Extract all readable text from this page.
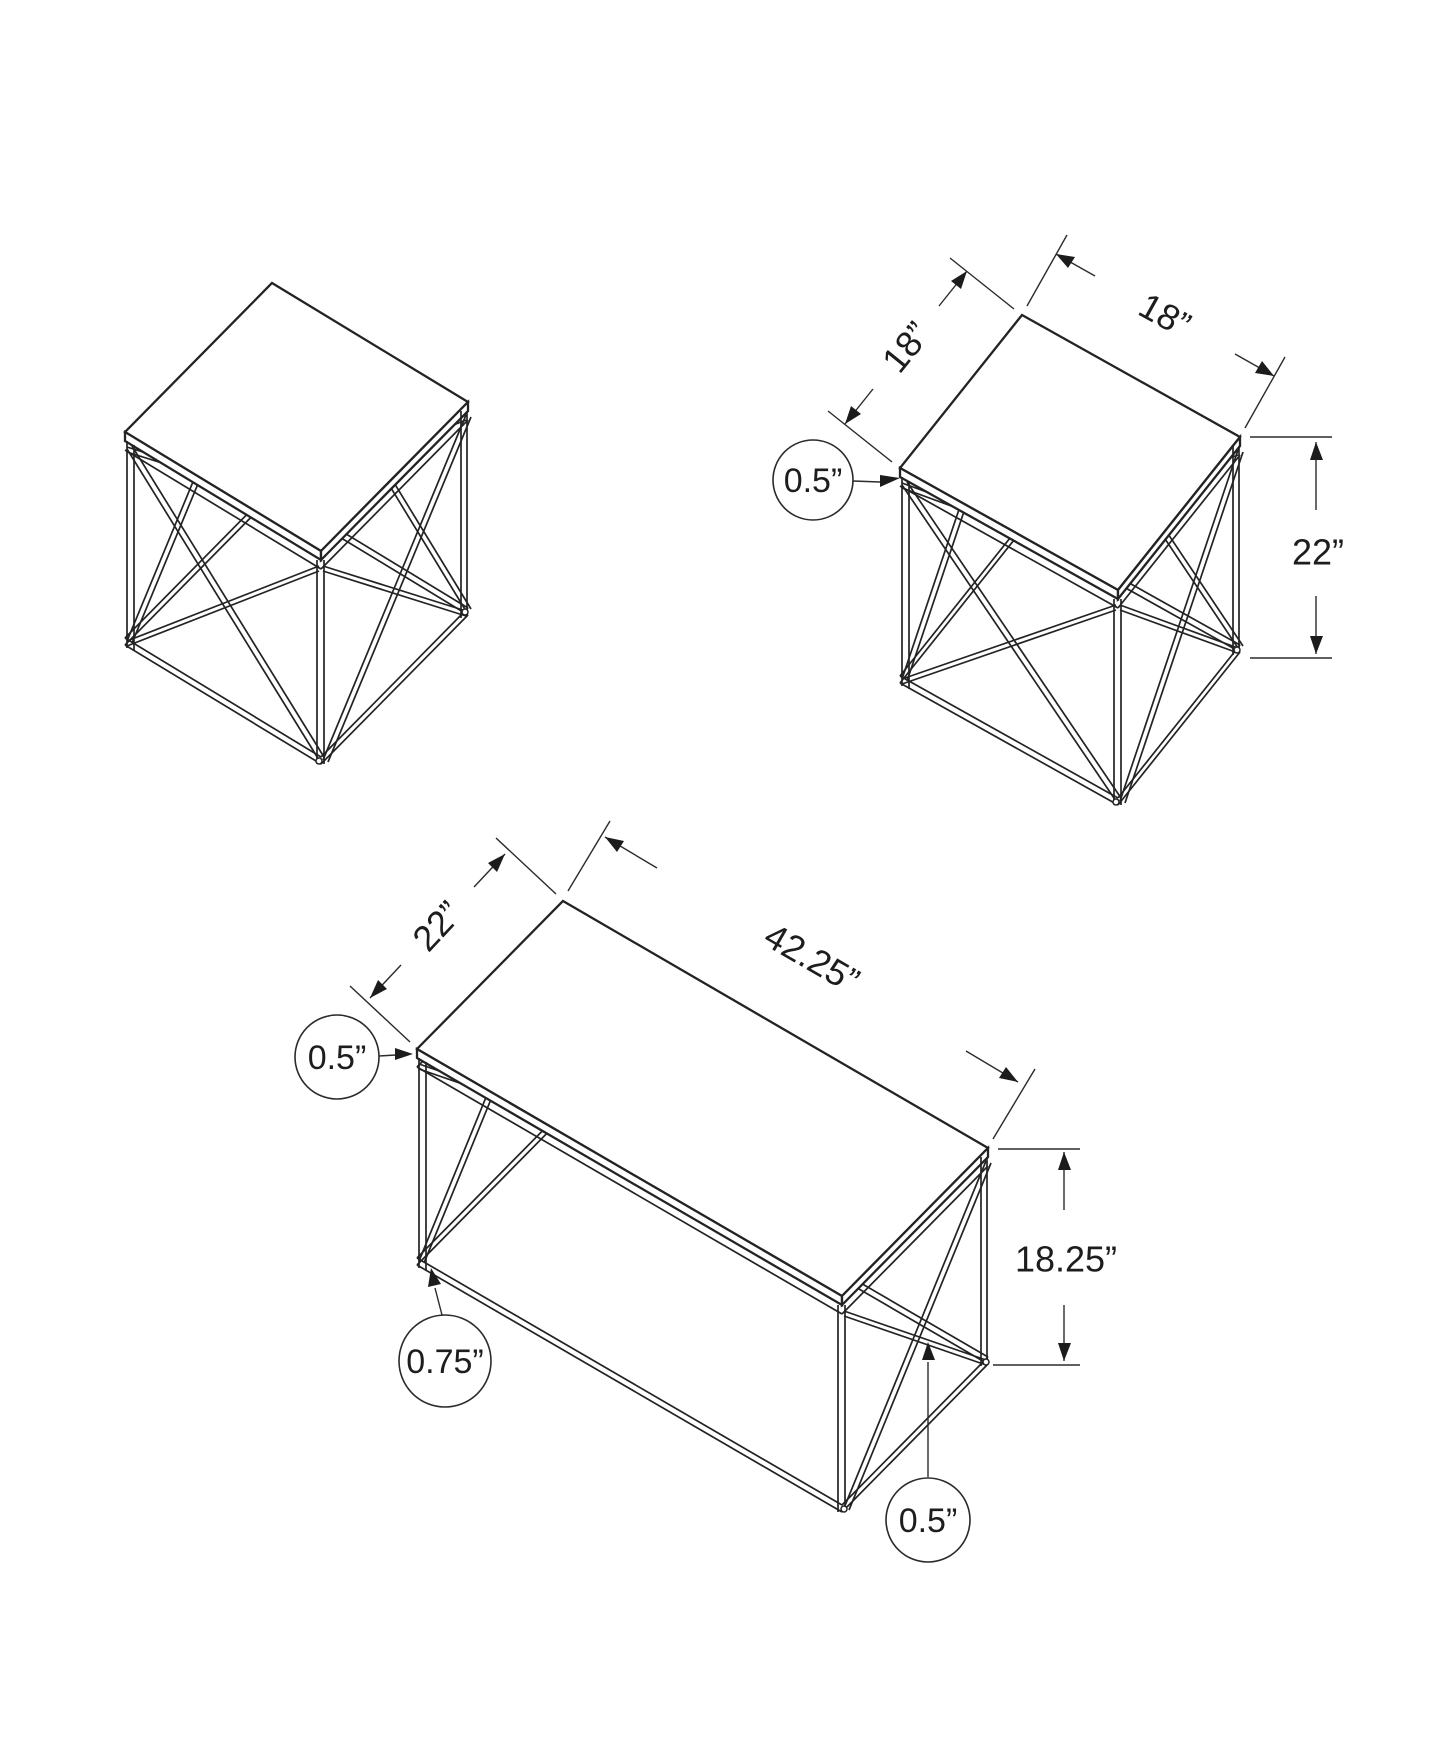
18”	18”
0.5”
22”
22”	42.25”
0.5”
0.75”
18.25”
0.5”
